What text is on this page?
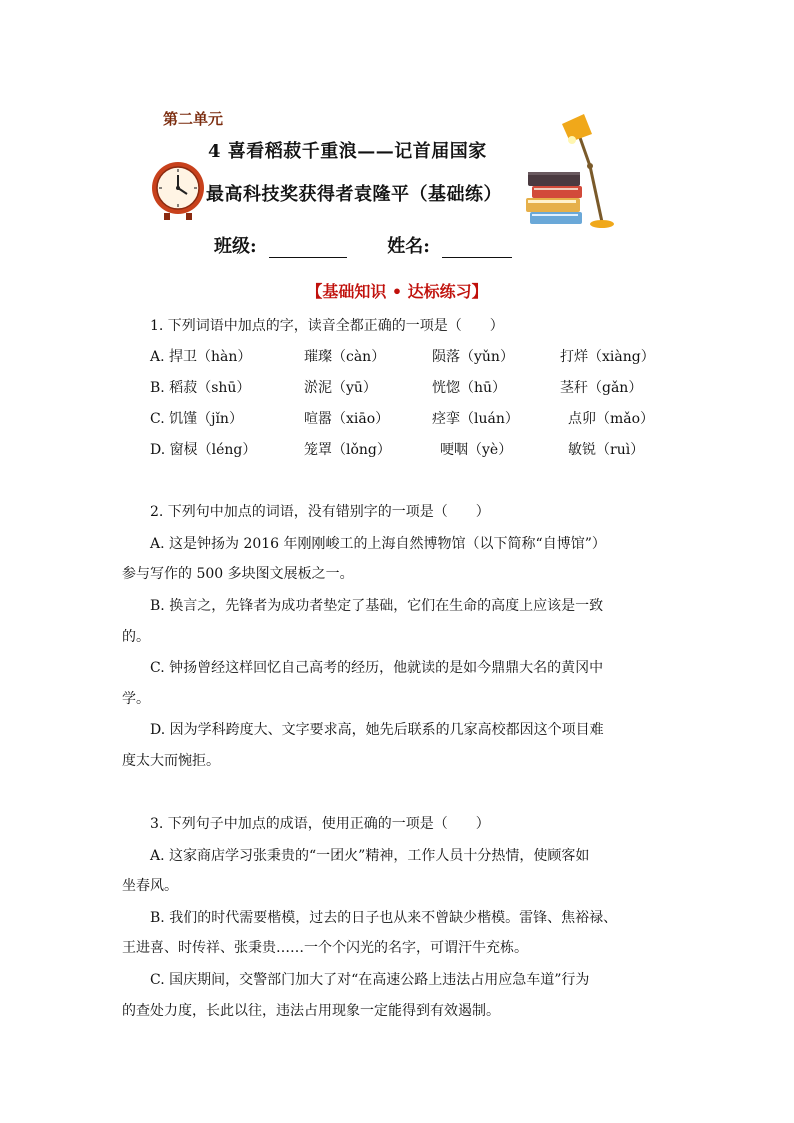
第二单元
4 喜看稻菽千重浪——记首届国家
最高科技奖获得者袁隆平（基础练）
班级:	姓名:
【基础知识 • 达标练习】
1. 下列词语中加点的字，读音全都正确的一项是（　　）
A. 捍卫（hàn）	璀璨（càn）	陨落（yǔn）	打烊（xiàng）
B. 稻菽（shū）	淤泥（yū）	恍惚（hū）	茎秆（gǎn）
C. 饥馑（jǐn）	喧嚣（xiāo）	痉挛（luán）	点卯（mǎo）
D. 窗棂（léng）	笼罩（lǒng）	哽咽（yè）	敏锐（ruì）
2. 下列句中加点的词语，没有错别字的一项是（　　）
A. 这是钟扬为 2016 年刚刚峻工的上海自然博物馆（以下简称“自博馆”）
参与写作的 500 多块图文展板之一。
B. 换言之，先锋者为成功者垫定了基础，它们在生命的高度上应该是一致
的。
C. 钟扬曾经这样回忆自己高考的经历，他就读的是如今鼎鼎大名的黄冈中
学。
D. 因为学科跨度大、文字要求高，她先后联系的几家高校都因这个项目难
度太大而惋拒。
3. 下列句子中加点的成语，使用正确的一项是（　　）
A. 这家商店学习张秉贵的“一团火”精神，工作人员十分热情，使顾客如
坐春风。
B. 我们的时代需要楷模，过去的日子也从来不曾缺少楷模。雷锋、焦裕禄、
王进喜、时传祥、张秉贵……一个个闪光的名字，可谓汗牛充栋。
C. 国庆期间，交警部门加大了对“在高速公路上违法占用应急车道”行为
的查处力度，长此以往，违法占用现象一定能得到有效遏制。
